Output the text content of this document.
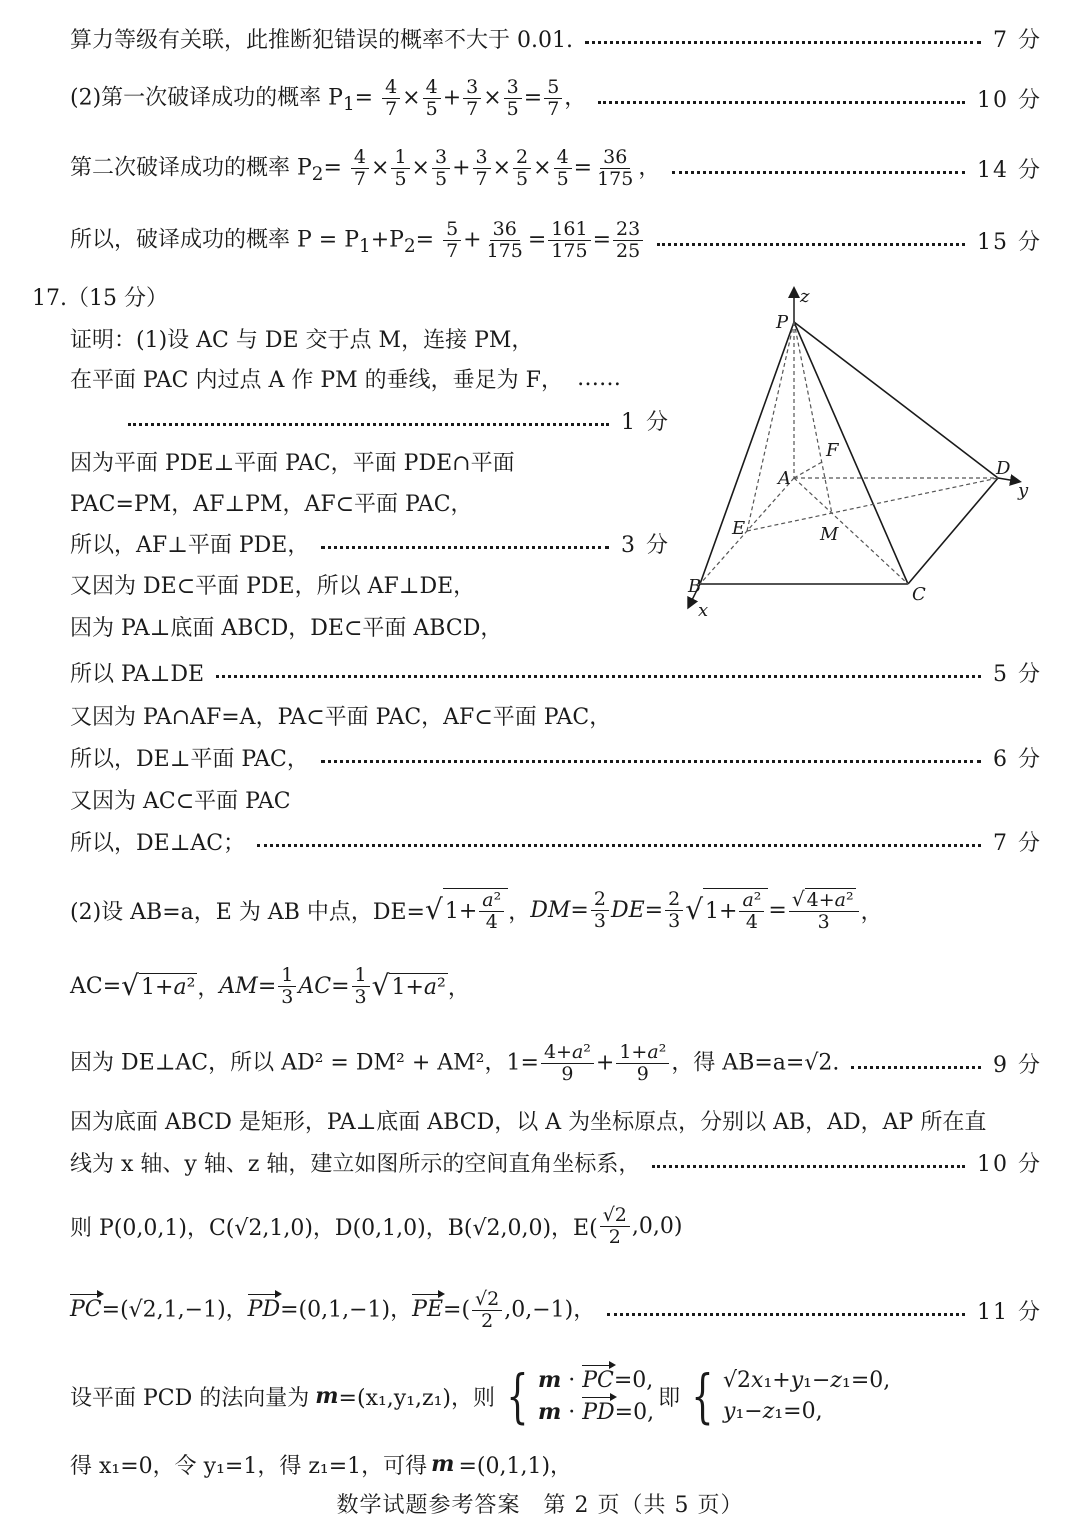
算力等级有关联，此推断犯错误的概率不大于 0.01.	7 分
(2)第一次破译成功的概率 $P_1= \frac{4}{7} \times \frac{4}{5} + \frac{3}{7} \times \frac{3}{5} = \frac{5}{7}$ ，	10 分
第二次破译成功的概率 $P_2= \frac{4}{7} \times \frac{1}{5} \times \frac{3}{5} + \frac{3}{7} \times \frac{2}{5} \times \frac{4}{5} = \frac{36}{175}$ ，	14 分
所以，破译成功的概率 $P = P_1+P_2= \frac{5}{7} + \frac{36}{175} = \frac{161}{175} = \frac{23}{25}$	15 分
17.（15 分）
证明：(1)设 AC 与 DE 交于点 M，连接 PM，
在平面 PAC 内过点 A 作 PM 的垂线，垂足为 F， ……
1 分
因为平面 PDE⊥平面 PAC，平面 PDE∩平面
PAC=PM，AF⊥PM，AF⊂平面 PAC，
所以，AF⊥平面 PDE，	3 分
又因为 DE⊂平面 PDE，所以 AF⊥DE，
因为 PA⊥底面 ABCD，DE⊂平面 ABCD，
所以 PA⊥DE	5 分
又因为 PA∩AF=A，PA⊂平面 PAC，AF⊂平面 PAC，
所以，DE⊥平面 PAC，	6 分
又因为 AC⊂平面 PAC
所以，DE⊥AC；	7 分
(2)设 AB=a，E 为 AB 中点，DE= √ $1+ \frac{\text{a²}}{4}$ ， DM = $\frac{2}{3}$ DE = $\frac{2}{3}$ √ $1+ \frac{\text{a²}}{4} = \frac{\text{√ 4+ a ²}}{3}$ ，
AC= √ 1+ a ² ， AM = $\frac{1}{3}$ AC = $\frac{1}{3}$ √ 1+ a ² ，
因为 DE⊥AC，所以 AD² = DM² + AM²，$1= \frac{\text{4+a²}}{9} + \frac{\text{1+a²}}{9}$ ，得 AB=a=√2.	9 分
因为底面 ABCD 是矩形，PA⊥底面 ABCD，以 A 为坐标原点，分别以 AB，AD，AP 所在直
线为 x 轴、y 轴、z 轴，建立如图所示的空间直角坐标系，	10 分
则 P(0,0,1)，C(√2,1,0)，D(0,1,0)，B(√2,0,0)，$E( \frac{√2}{2} ,0,0)$
PC=(√2,1,−1)，PD=(0,1,−1)，$PE=( \frac{√2}{2} ,0,-1)$，	11 分
设平面 PCD 的法向量为 m =(x₁,y₁,z₁)，则 { m · PC=0,
m · PD=0,
即 { √2x₁+y₁−z₁=0,
y₁−z₁=0,
得 x₁=0，令 y₁=1，得 z₁=1，可得 m =(0,1,1)，
数学试题参考答案　第 2 页（共 5 页）
z
P
F
A	D
y
E	M
B	C
x
